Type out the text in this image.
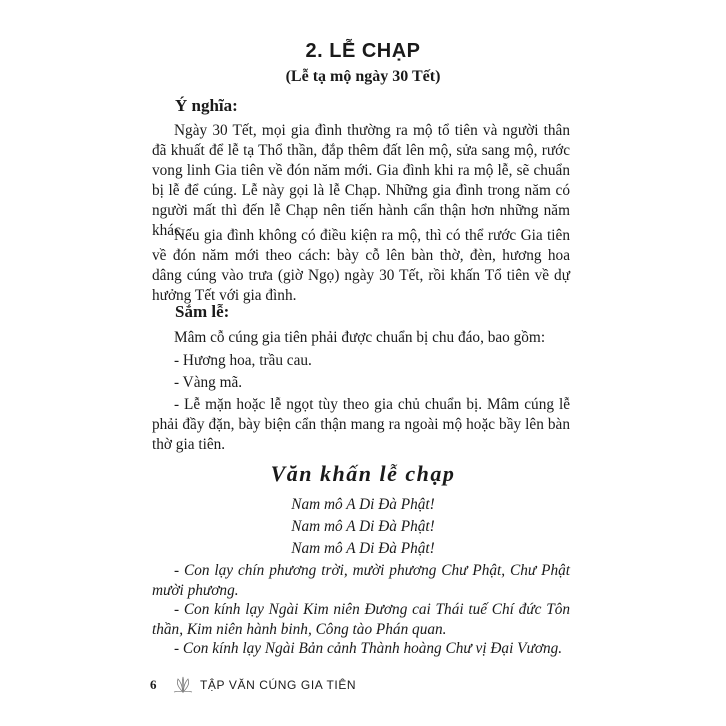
2. LỄ CHẠP
(Lễ tạ mộ ngày 30 Tết)
Ý nghĩa:

Ngày 30 Tết, mọi gia đình thường ra mộ tổ tiên và người thân đã khuất để lễ tạ Thổ thần, đắp thêm đất lên mộ, sửa sang mộ, rước vong linh Gia tiên về đón năm mới. Gia đình khi ra mộ lễ, sẽ chuẩn bị lễ để cúng. Lễ này gọi là lễ Chạp. Những gia đình trong năm có người mất thì đến lễ Chạp nên tiến hành cẩn thận hơn những năm khác.

Nếu gia đình không có điều kiện ra mộ, thì có thể rước Gia tiên về đón năm mới theo cách: bày cỗ lên bàn thờ, đèn, hương hoa dâng cúng vào trưa (giờ Ngọ) ngày 30 Tết, rồi khấn Tổ tiên về dự hưởng Tết với gia đình.

Sắm lễ:

Mâm cỗ cúng gia tiên phải được chuẩn bị chu đáo, bao gồm:

- Hương hoa, trầu cau.

- Vàng mã.

- Lễ mặn hoặc lễ ngọt tùy theo gia chủ chuẩn bị. Mâm cúng lễ phải đầy đặn, bày biện cẩn thận mang ra ngoài mộ hoặc bầy lên bàn thờ gia tiên.

Văn khấn lễ chạp
Nam mô A Di Đà Phật!
Nam mô A Di Đà Phật!
Nam mô A Di Đà Phật!

- Con lạy chín phương trời, mười phương Chư Phật, Chư Phật mười phương.

- Con kính lạy Ngài Kim niên Đương cai Thái tuế Chí đức Tôn thần, Kim niên hành binh, Công tào Phán quan.

- Con kính lạy Ngài Bản cảnh Thành hoàng Chư vị Đại Vương.

6	TẬP VĂN CÚNG GIA TIÊN
